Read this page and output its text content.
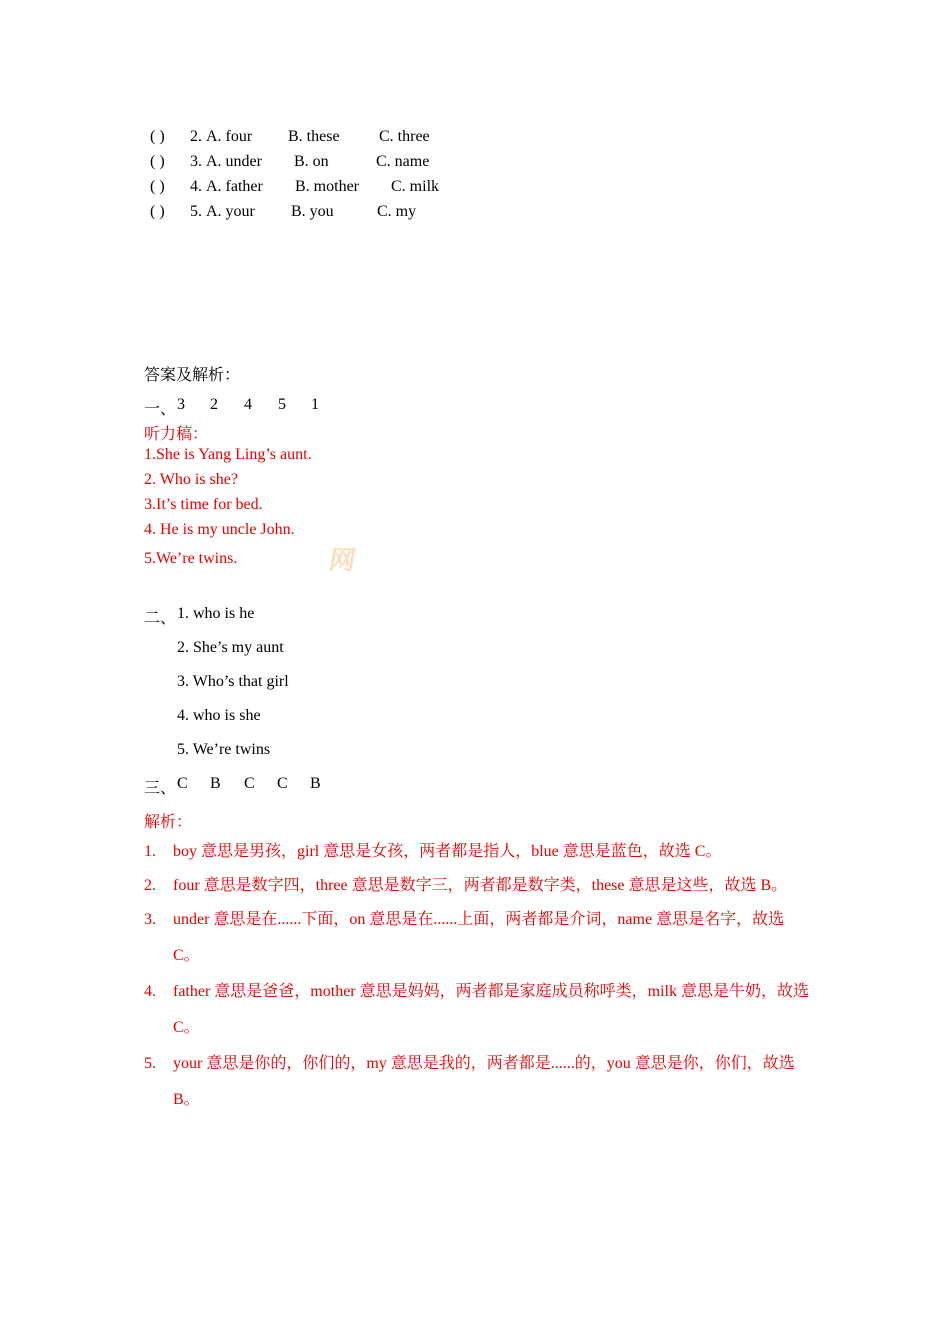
( ) 2. A. four B. these C. three
( ) 3. A. under B. on	C. name
( ) 4. A. father B. mother C. milk
( ) 5. A. your B. you	C. my
答案及解析：
一、 3 2 4 5 1
听力稿：
1.She is Yang Ling’s aunt.
2. Who is she?
3.It’s time for bed.
4. He is my uncle John.
5.We’re twins.	网
二、 1. who is he
2. She’s my aunt
3. Who’s that girl
4. who is she
5. We’re twins
三、 C B C C B
解析：
1. boy 意思是男孩，girl 意思是女孩，两者都是指人，blue 意思是蓝色，故选 C。
2. four 意思是数字四，three 意思是数字三，两者都是数字类，these 意思是这些，故选 B。
3. under 意思是在......下面，on 意思是在......上面，两者都是介词，name 意思是名字，故选 C。
4. father 意思是爸爸，mother 意思是妈妈，两者都是家庭成员称呼类，milk 意思是牛奶，故选 C。
5. your 意思是你的，你们的，my 意思是我的，两者都是......的，you 意思是你，你们，故选 B。
